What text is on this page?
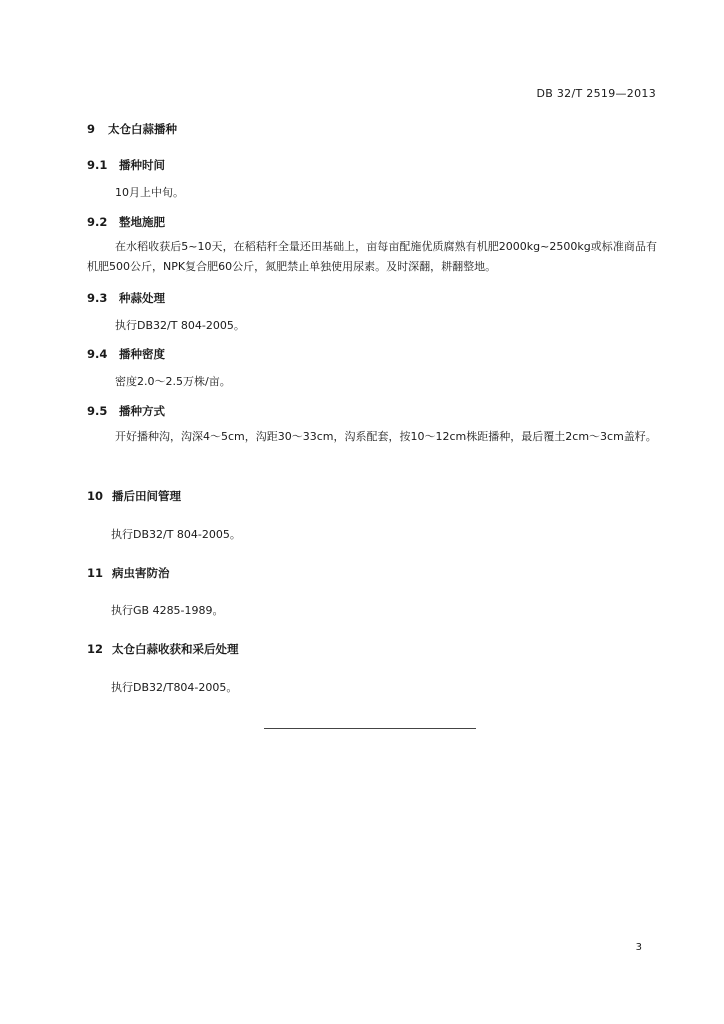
DB 32/T 2519—2013
9 太仓白蒜播种
9.1 播种时间
10月上中旬。
9.2 整地施肥
在水稻收获后5~10天，在稻秸秆全量还田基础上，亩每亩配施优质腐熟有机肥2000kg~2500kg或标准商品有机肥500公斤，NPK复合肥60公斤，氮肥禁止单独使用尿素。及时深翻，耕翻整地。
9.3 种蒜处理
执行DB32/T 804-2005。
9.4 播种密度
密度2.0～2.5万株/亩。
9.5 播种方式
开好播种沟，沟深4～5cm，沟距30～33cm，沟系配套，按10～12cm株距播种，最后覆土2cm～3cm盖籽。
10 播后田间管理
执行DB32/T 804-2005。
11 病虫害防治
执行GB 4285-1989。
12 太仓白蒜收获和采后处理
执行DB32/T804-2005。
3
